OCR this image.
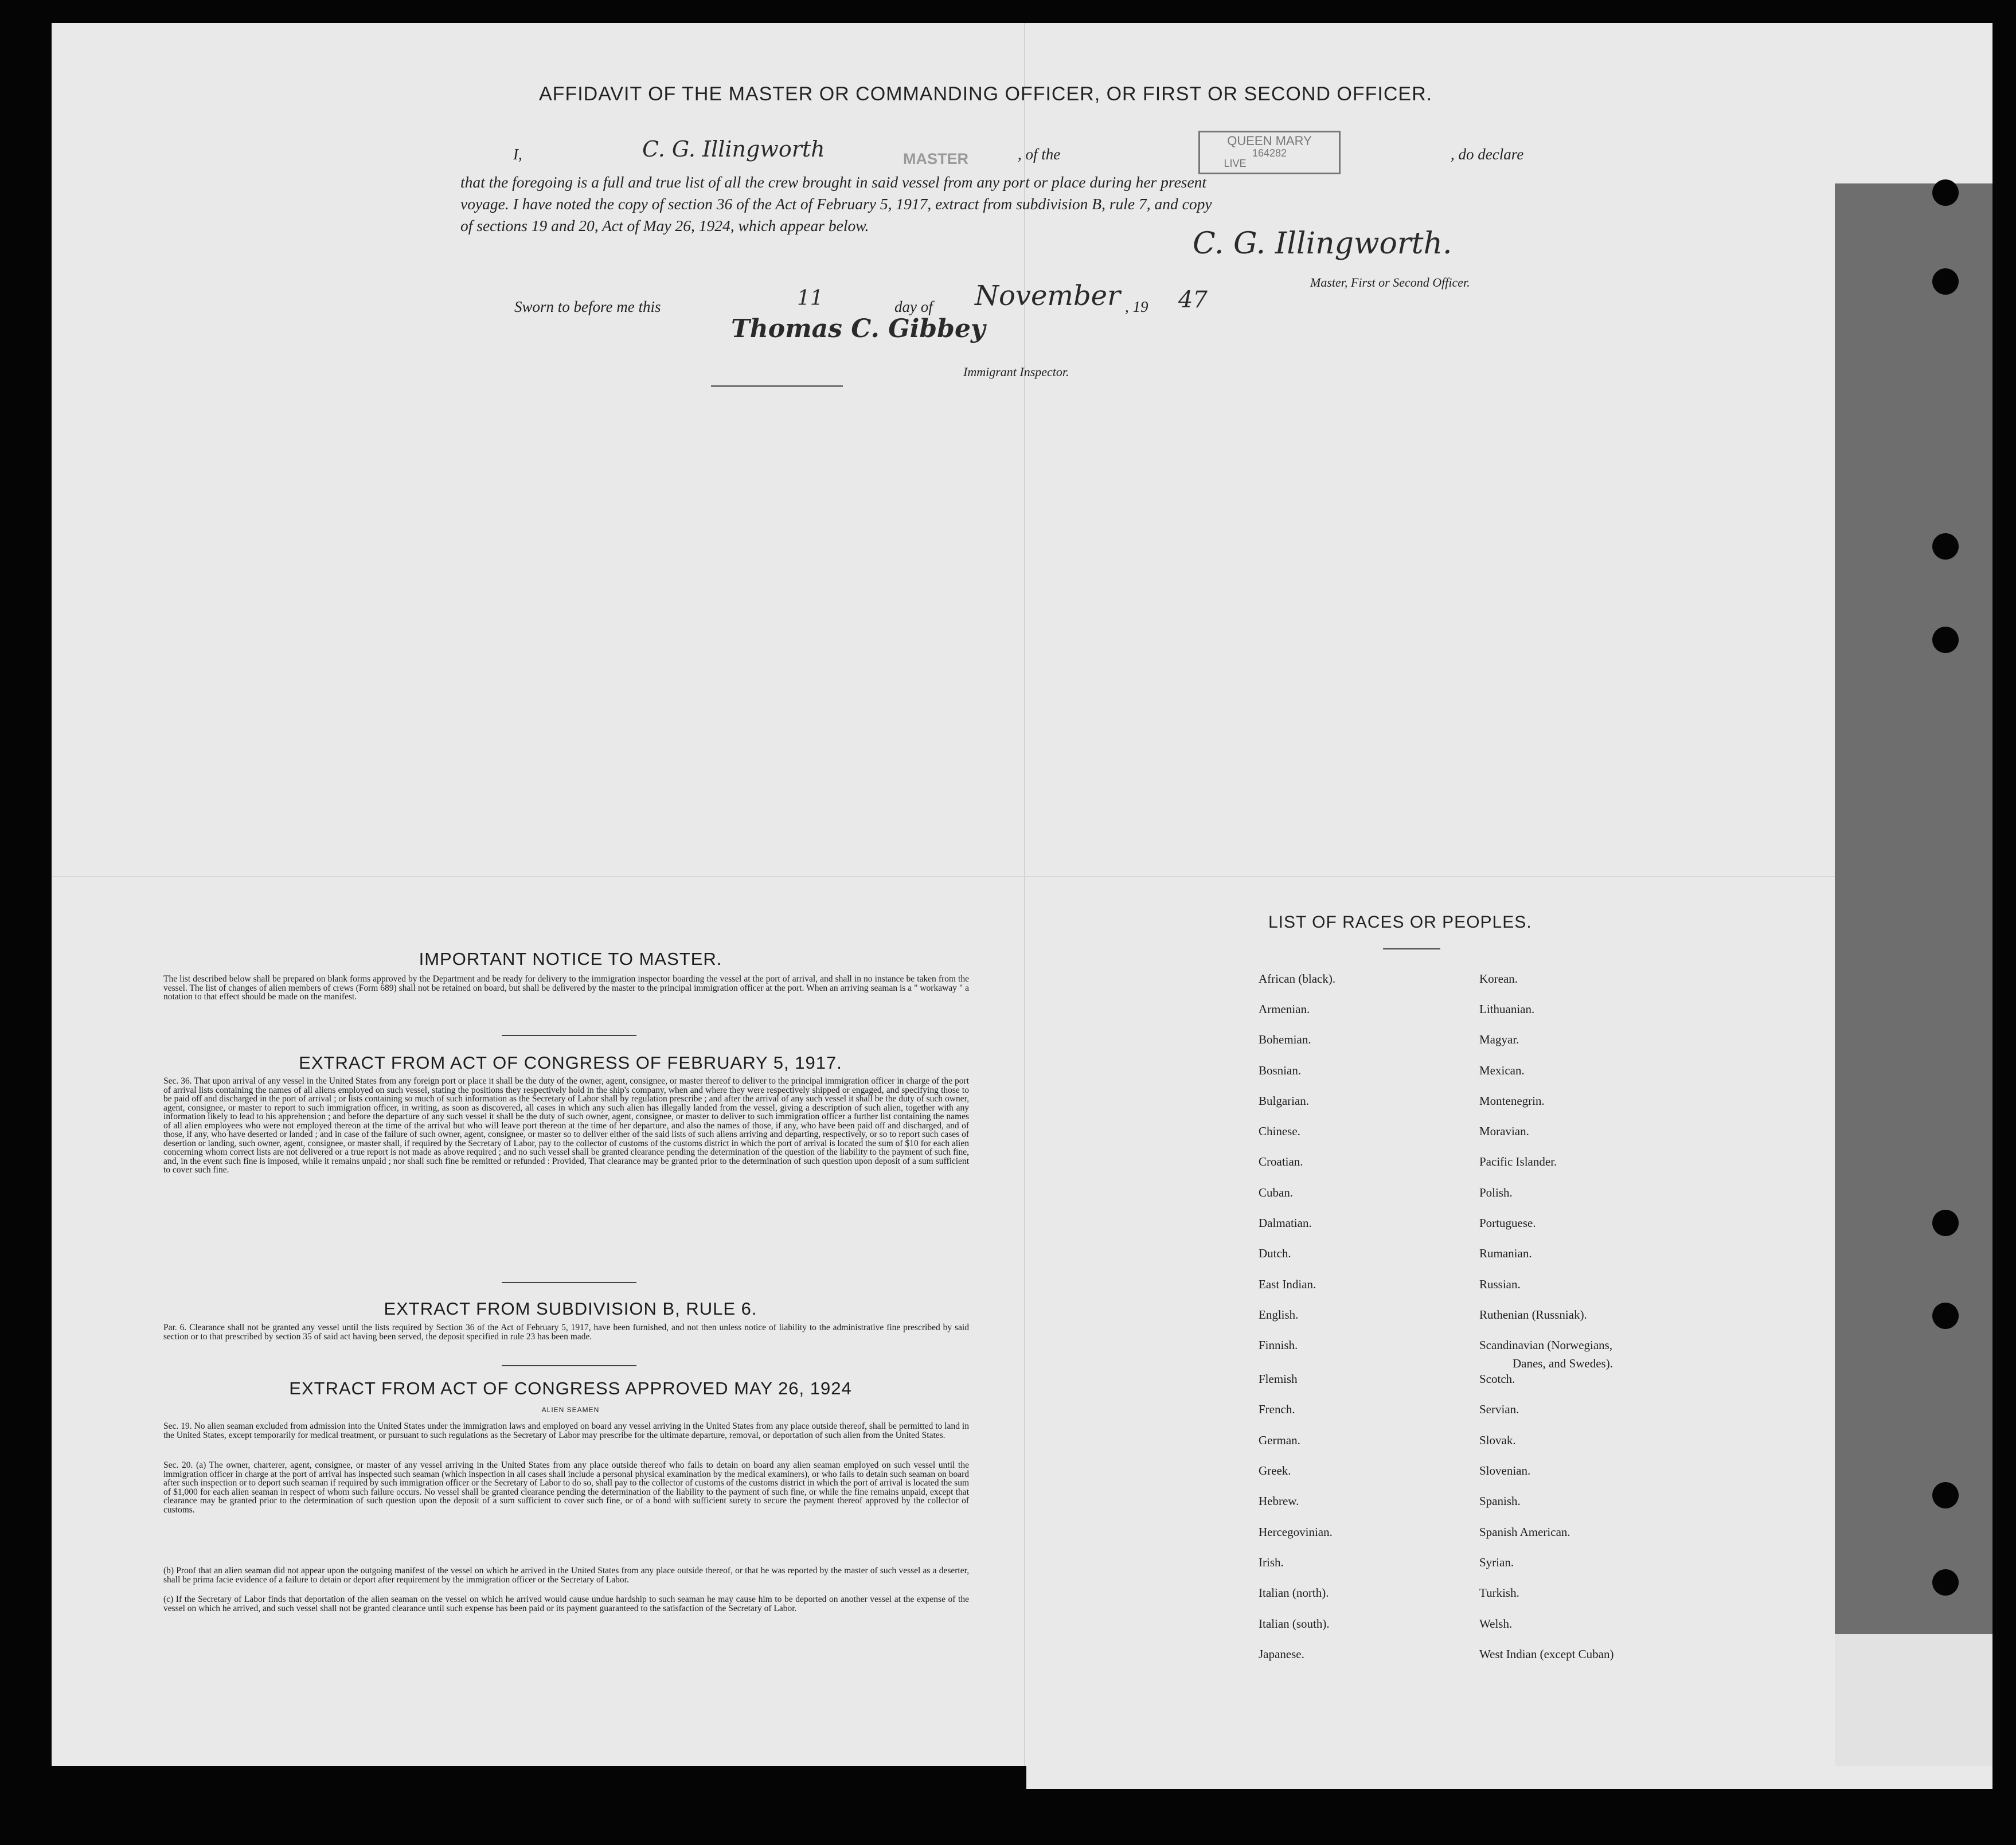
AFFIDAVIT OF THE MASTER OR COMMANDING OFFICER, OR FIRST OR SECOND OFFICER.
I,	C. G. Illingworth	MASTER	, of the
QUEEN MARY
164282
LIVE
, do declare
that the foregoing is a full and true list of all the crew brought in said vessel from any port or place during her present
voyage. I have noted the copy of section 36 of the Act of February 5, 1917, extract from subdivision B, rule 7, and copy
of sections 19 and 20, Act of May 26, 1924, which appear below.
C. G. Illingworth.
Master, First or Second Officer.
Sworn to before me this	11	day of November , 19 47
Thomas C. Gibbey
Immigrant Inspector.
IMPORTANT NOTICE TO MASTER.
The list described below shall be prepared on blank forms approved by the Department and be ready for delivery to the immigration inspector boarding the vessel at the port of arrival, and shall in no instance be taken from the vessel. The list of changes of alien members of crews (Form 689) shall not be retained on board, but shall be delivered by the master to the principal immigration officer at the port. When an arriving seaman is a " workaway " a notation to that effect should be made on the manifest.
EXTRACT FROM ACT OF CONGRESS OF FEBRUARY 5, 1917.
Sec. 36. That upon arrival of any vessel in the United States from any foreign port or place it shall be the duty of the owner, agent, consignee, or master thereof to deliver to the principal immigration officer in charge of the port of arrival lists containing the names of all aliens employed on such vessel, stating the positions they respectively hold in the ship's company, when and where they were respectively shipped or engaged, and specifying those to be paid off and discharged in the port of arrival ; or lists containing so much of such information as the Secretary of Labor shall by regulation prescribe ; and after the arrival of any such vessel it shall be the duty of such owner, agent, consignee, or master to report to such immigration officer, in writing, as soon as discovered, all cases in which any such alien has illegally landed from the vessel, giving a description of such alien, together with any information likely to lead to his apprehension ; and before the departure of any such vessel it shall be the duty of such owner, agent, consignee, or master to deliver to such immigration officer a further list containing the names of all alien employees who were not employed thereon at the time of the arrival but who will leave port thereon at the time of her departure, and also the names of those, if any, who have been paid off and discharged, and of those, if any, who have deserted or landed ; and in case of the failure of such owner, agent, consignee, or master so to deliver either of the said lists of such aliens arriving and departing, respectively, or so to report such cases of desertion or landing, such owner, agent, consignee, or master shall, if required by the Secretary of Labor, pay to the collector of customs of the customs district in which the port of arrival is located the sum of $10 for each alien concerning whom correct lists are not delivered or a true report is not made as above required ; and no such vessel shall be granted clearance pending the determination of the question of the liability to the payment of such fine, and, in the event such fine is imposed, while it remains unpaid ; nor shall such fine be remitted or refunded : Provided, That clearance may be granted prior to the determination of such question upon deposit of a sum sufficient to cover such fine.
EXTRACT FROM SUBDIVISION B, RULE 6.
Par. 6. Clearance shall not be granted any vessel until the lists required by Section 36 of the Act of February 5, 1917, have been furnished, and not then unless notice of liability to the administrative fine prescribed by said section or to that prescribed by section 35 of said act having been served, the deposit specified in rule 23 has been made.
EXTRACT FROM ACT OF CONGRESS APPROVED MAY 26, 1924
ALIEN SEAMEN
Sec. 19. No alien seaman excluded from admission into the United States under the immigration laws and employed on board any vessel arriving in the United States from any place outside thereof, shall be permitted to land in the United States, except temporarily for medical treatment, or pursuant to such regulations as the Secretary of Labor may prescribe for the ultimate departure, removal, or deportation of such alien from the United States.
Sec. 20. (a) The owner, charterer, agent, consignee, or master of any vessel arriving in the United States from any place outside thereof who fails to detain on board any alien seaman employed on such vessel until the immigration officer in charge at the port of arrival has inspected such seaman (which inspection in all cases shall include a personal physical examination by the medical examiners), or who fails to detain such seaman on board after such inspection or to deport such seaman if required by such immigration officer or the Secretary of Labor to do so, shall pay to the collector of customs of the customs district in which the port of arrival is located the sum of $1,000 for each alien seaman in respect of whom such failure occurs. No vessel shall be granted clearance pending the determination of the liability to the payment of such fine, or while the fine remains unpaid, except that clearance may be granted prior to the determination of such question upon the deposit of a sum sufficient to cover such fine, or of a bond with sufficient surety to secure the payment thereof approved by the collector of customs.
(b) Proof that an alien seaman did not appear upon the outgoing manifest of the vessel on which he arrived in the United States from any place outside thereof, or that he was reported by the master of such vessel as a deserter, shall be prima facie evidence of a failure to detain or deport after requirement by the immigration officer or the Secretary of Labor.
(c) If the Secretary of Labor finds that deportation of the alien seaman on the vessel on which he arrived would cause undue hardship to such seaman he may cause him to be deported on another vessel at the expense of the vessel on which he arrived, and such vessel shall not be granted clearance until such expense has been paid or its payment guaranteed to the satisfaction of the Secretary of Labor.
LIST OF RACES OR PEOPLES.
African (black).
Armenian.
Bohemian.
Bosnian.
Bulgarian.
Chinese.
Croatian.
Cuban.
Dalmatian.
Dutch.
East Indian.
English.
Finnish.
Flemish
French.
German.
Greek.
Hebrew.
Hercegovinian.
Irish.
Italian (north).
Italian (south).
Japanese.
Korean.
Lithuanian.
Magyar.
Mexican.
Montenegrin.
Moravian.
Pacific Islander.
Polish.
Portuguese.
Rumanian.
Russian.
Ruthenian (Russniak).
Scandinavian (Norwegians,
Scotch.
Servian.
Slovak.
Slovenian.
Spanish.
Spanish American.
Syrian.
Turkish.
Welsh.
West Indian (except Cuban)
Danes, and Swedes).
